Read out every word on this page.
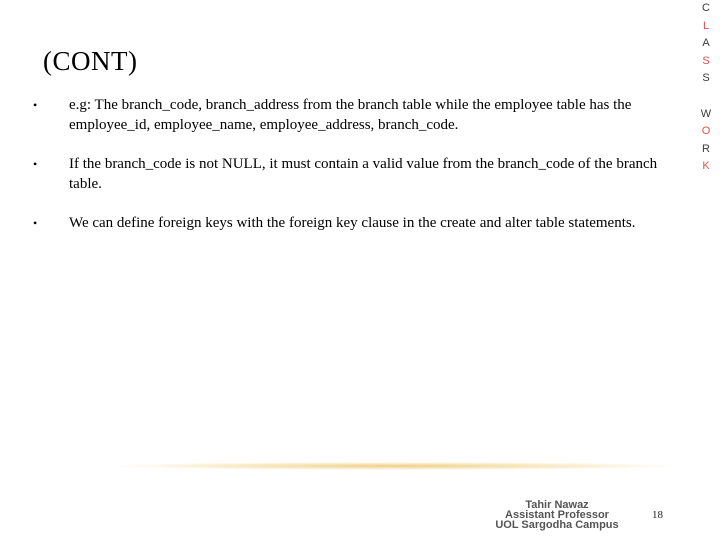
(CONT)
•	e.g: The branch_code, branch_address from the branch table while the employee table has the employee_id, employee_name, employee_address, branch_code.
•	If the branch_code is not NULL, it must contain a valid value from the branch_code of the branch table.
•	We can define foreign keys with the foreign key clause in the create and alter table statements.
C
L
A
S
S
W
O
R
K
Tahir Nawaz
Assistant Professor
UOL Sargodha Campus
18
